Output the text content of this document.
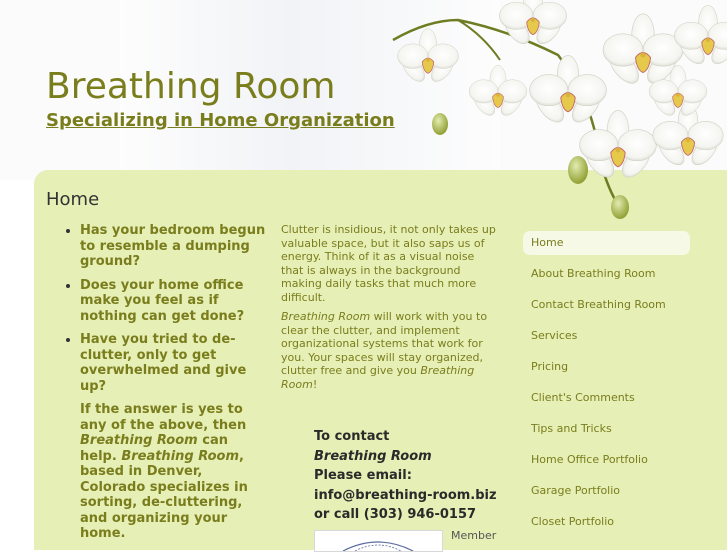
Breathing Room
Specializing in Home Organization
Home
• Has your bedroom begun to resemble a dumping ground?
• Does your home office make you feel as if nothing can get done?
• Have you tried to de-clutter, only to get overwhelmed and give up?

If the answer is yes to any of the above, then Breathing Room can help. Breathing Room, based in Denver, Colorado specializes in sorting, de-cluttering, and organizing your home.

Clutter is insidious, it not only takes up valuable space, but it also saps us of energy. Think of it as a visual noise that is always in the background making daily tasks that much more difficult.

Breathing Room will work with you to clear the clutter, and implement organizational systems that work for you. Your spaces will stay organized, clutter free and give you Breathing Room!

To contact
Breathing Room
Please email:
info@breathing-room.biz
or call (303) 946-0157
Member
Home
About Breathing Room
Contact Breathing Room
Services
Pricing
Client's Comments
Tips and Tricks
Home Office Portfolio
Garage Portfolio
Closet Portfolio
